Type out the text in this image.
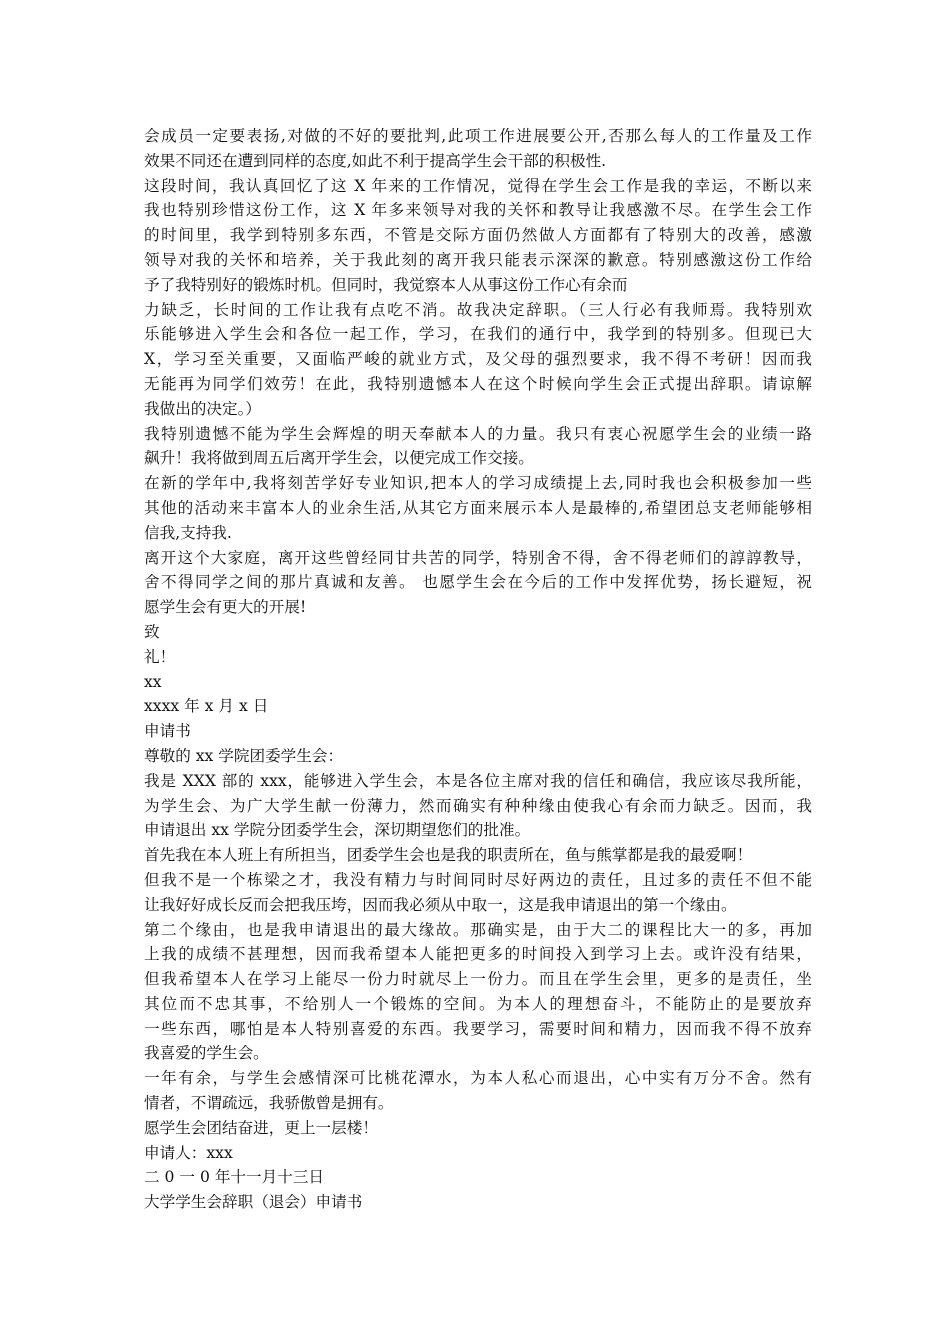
会成员一定要表扬,对做的不好的要批判,此项工作进展要公开,否那么每人的工作量及工作
效果不同还在遭到同样的态度,如此不利于提高学生会干部的积极性.
这段时间，我认真回忆了这 X 年来的工作情况，觉得在学生会工作是我的幸运，不断以来
我也特别珍惜这份工作，这 X 年多来领导对我的关怀和教导让我感激不尽。在学生会工作
的时间里，我学到特别多东西，不管是交际方面仍然做人方面都有了特别大的改善，感激
领导对我的关怀和培养，关于我此刻的离开我只能表示深深的歉意。特别感激这份工作给
予了我特别好的锻炼时机。但同时，我觉察本人从事这份工作心有余而
力缺乏，长时间的工作让我有点吃不消。故我决定辞职。（三人行必有我师焉。我特别欢
乐能够进入学生会和各位一起工作，学习，在我们的通行中，我学到的特别多。但现已大
X，学习至关重要，又面临严峻的就业方式，及父母的强烈要求，我不得不考研！因而我
无能再为同学们效劳！在此，我特别遗憾本人在这个时候向学生会正式提出辞职。请谅解
我做出的决定。）
我特别遗憾不能为学生会辉煌的明天奉献本人的力量。我只有衷心祝愿学生会的业绩一路
飙升！我将做到周五后离开学生会，以便完成工作交接。
在新的学年中,我将刻苦学好专业知识,把本人的学习成绩提上去,同时我也会积极参加一些
其他的活动来丰富本人的业余生活,从其它方面来展示本人是最棒的,希望团总支老师能够相
信我,支持我.
离开这个大家庭，离开这些曾经同甘共苦的同学，特别舍不得，舍不得老师们的諄諄教导，
舍不得同学之间的那片真诚和友善。 也愿学生会在今后的工作中发挥优势，扬长避短，祝
愿学生会有更大的开展!
致
礼！
xx
xxxx 年 x 月 x 日
申请书
尊敬的 xx 学院团委学生会：
我是 XXX 部的 xxx，能够进入学生会，本是各位主席对我的信任和确信，我应该尽我所能，
为学生会、为广大学生献一份薄力，然而确实有种种缘由使我心有余而力缺乏。因而，我
申请退出 xx 学院分团委学生会，深切期望您们的批准。
首先我在本人班上有所担当，团委学生会也是我的职责所在，鱼与熊掌都是我的最爱啊！
但我不是一个栋梁之才，我没有精力与时间同时尽好两边的责任，且过多的责任不但不能
让我好好成长反而会把我压垮，因而我必须从中取一，这是我申请退出的第一个缘由。
第二个缘由，也是我申请退出的最大缘故。那确实是，由于大二的课程比大一的多，再加
上我的成绩不甚理想，因而我希望本人能把更多的时间投入到学习上去。或许没有结果，
但我希望本人在学习上能尽一份力时就尽上一份力。而且在学生会里，更多的是责任，坐
其位而不忠其事，不给别人一个锻炼的空间。为本人的理想奋斗，不能防止的是要放弃
一些东西，哪怕是本人特别喜爱的东西。我要学习，需要时间和精力，因而我不得不放弃
我喜爱的学生会。
一年有余，与学生会感情深可比桃花潭水，为本人私心而退出，心中实有万分不舍。然有
情者，不谓疏远，我骄傲曾是拥有。
愿学生会团结奋进，更上一层楼！
申请人：xxx
二 0 一 0 年十一月十三日
大学学生会辞职（退会）申请书
